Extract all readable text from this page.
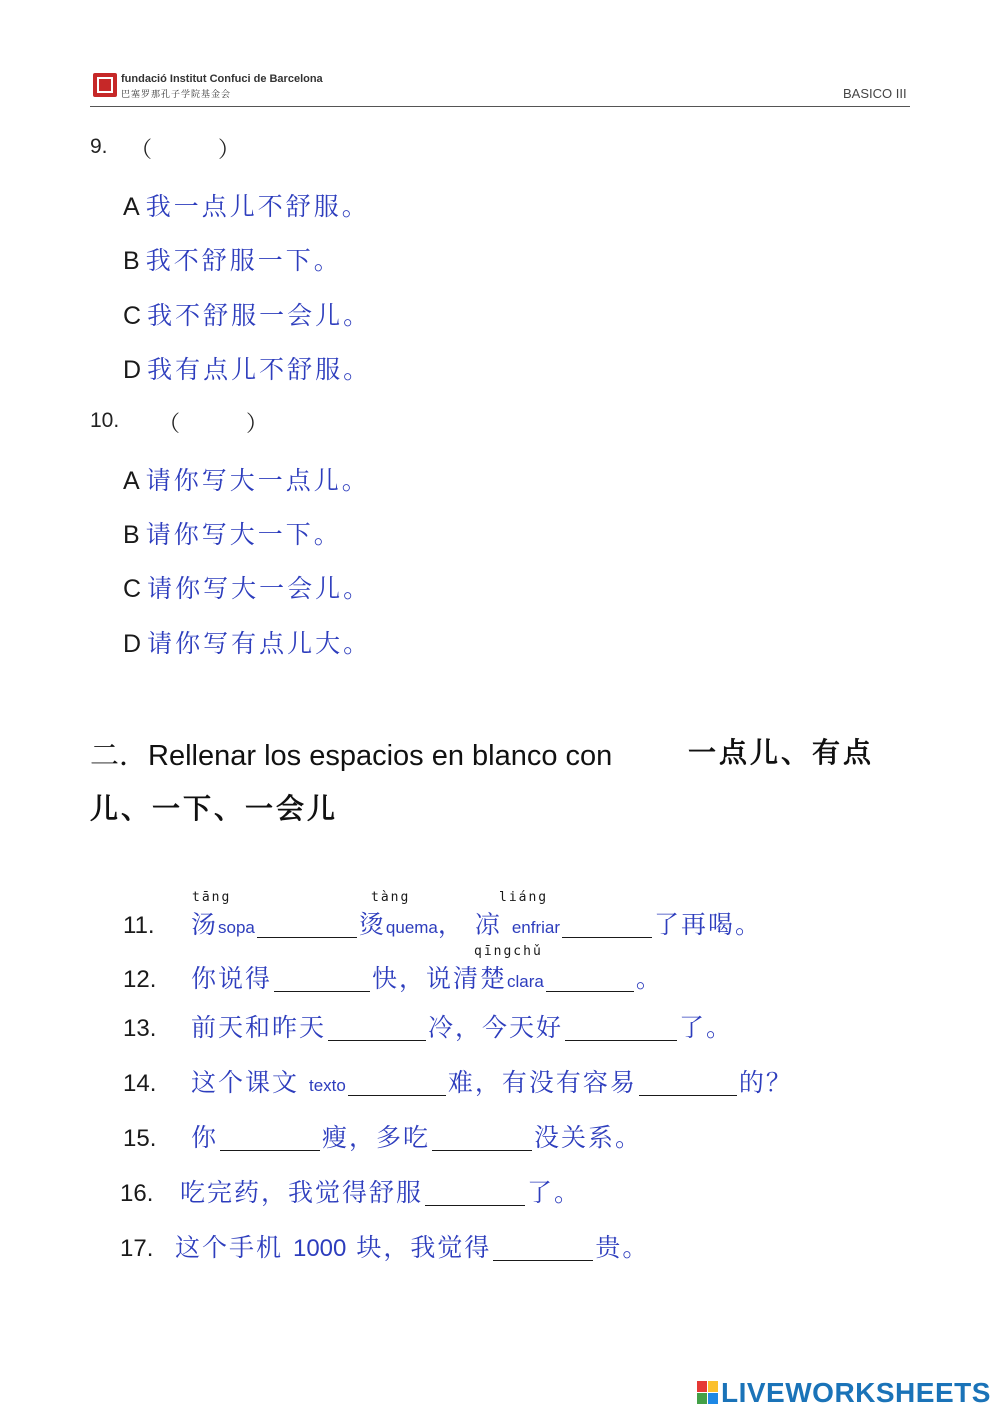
fundació Institut Confuci de Barcelona
巴塞罗那孔子学院基金会	BASICO III
9. （　　　）
A 我一点儿不舒服。
B 我不舒服一下。
C 我不舒服一会儿。
D 我有点儿不舒服。
10. （　　　）
A 请你写大一点儿。
B 请你写大一下。
C 请你写大一会儿。
D 请你写有点儿大。
二．Rellenar los espacios en blanco con	一点儿、有点
儿、一下、一会儿
tāng	tàng	liáng
qīngchǔ
11. 汤sopa	烫quema， 凉 enfriar	了再喝。
12. 你说得	快，说清楚clara	。
13. 前天和昨天	冷，今天好	了。
14. 这个课文 texto	难，有没有容易	的？
15. 你	瘦，多吃	没关系。
16. 吃完药，我觉得舒服	了。
17. 这个手机 1000 块，我觉得	贵。
LIVEWORKSHEETS
